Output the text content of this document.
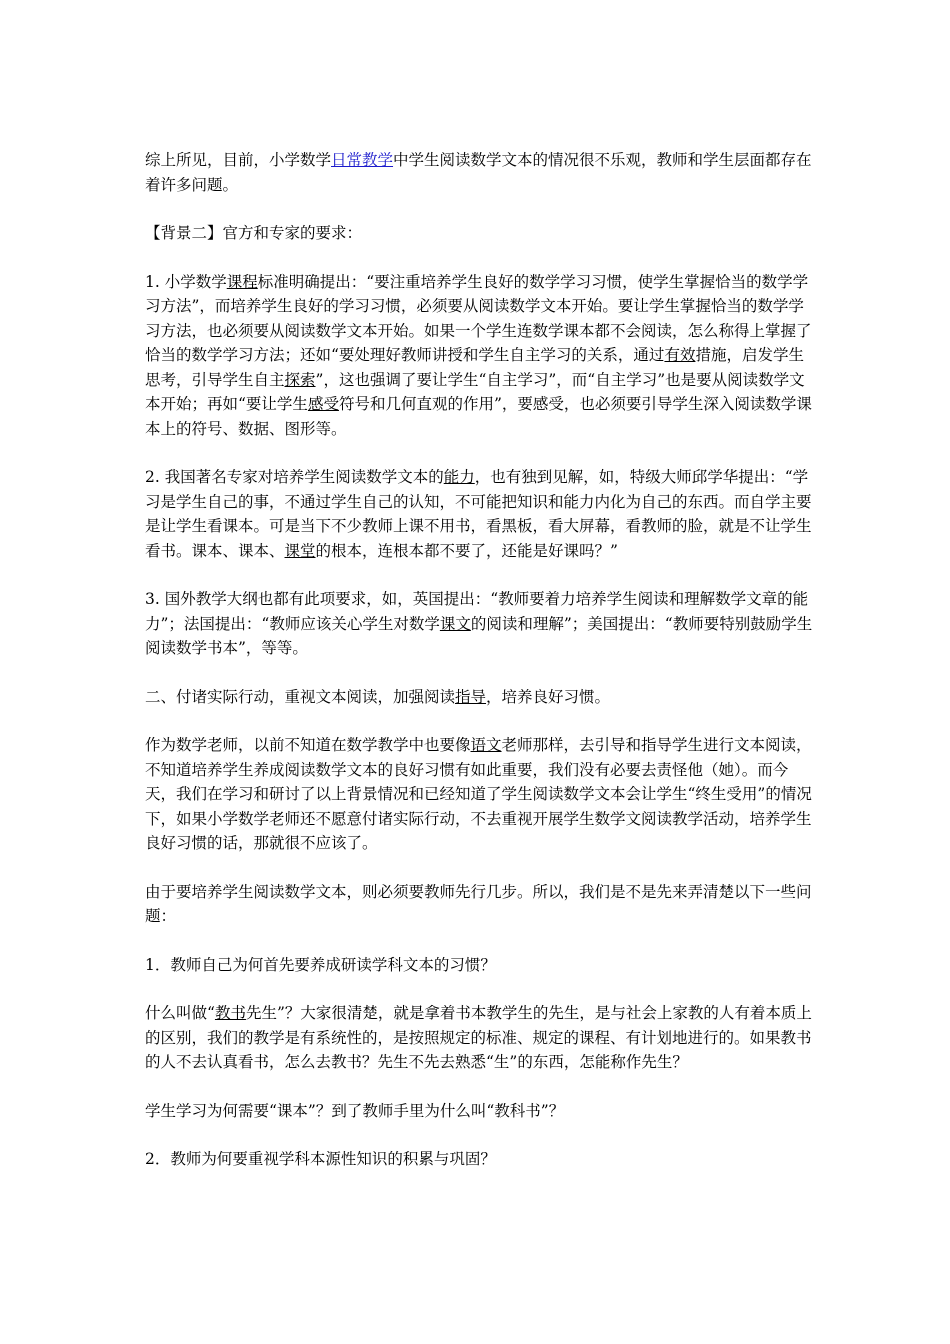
综上所见，目前，小学数学日常教学中学生阅读数学文本的情况很不乐观，教师和学生层面都存在着许多问题。

【背景二】官方和专家的要求：

1. 小学数学课程标准明确提出：“要注重培养学生良好的数学学习习惯，使学生掌握恰当的数学学习方法”，而培养学生良好的学习习惯，必须要从阅读数学文本开始。要让学生掌握恰当的数学学习方法，也必须要从阅读数学文本开始。如果一个学生连数学课本都不会阅读，怎么称得上掌握了恰当的数学学习方法；还如“要处理好教师讲授和学生自主学习的关系，通过有效措施，启发学生思考，引导学生自主探索”，这也强调了要让学生“自主学习”，而“自主学习”也是要从阅读数学文本开始；再如“要让学生感受符号和几何直观的作用”，要感受，也必须要引导学生深入阅读数学课本上的符号、数据、图形等。

2. 我国著名专家对培养学生阅读数学文本的能力，也有独到见解，如，特级大师邱学华提出：“学习是学生自己的事，不通过学生自己的认知，不可能把知识和能力内化为自己的东西。而自学主要是让学生看课本。可是当下不少教师上课不用书，看黑板，看大屏幕，看教师的脸，就是不让学生看书。课本、课本、课堂的根本，连根本都不要了，还能是好课吗？”

3. 国外教学大纲也都有此项要求，如，英国提出：“教师要着力培养学生阅读和理解数学文章的能力”；法国提出：“教师应该关心学生对数学课文的阅读和理解”；美国提出：“教师要特别鼓励学生阅读数学书本”，等等。

二、付诸实际行动，重视文本阅读，加强阅读指导，培养良好习惯。

作为数学老师，以前不知道在数学教学中也要像语文老师那样，去引导和指导学生进行文本阅读，不知道培养学生养成阅读数学文本的良好习惯有如此重要，我们没有必要去责怪他（她）。而今天，我们在学习和研讨了以上背景情况和已经知道了学生阅读数学文本会让学生“终生受用”的情况下，如果小学数学老师还不愿意付诸实际行动，不去重视开展学生数学文阅读教学活动，培养学生良好习惯的话，那就很不应该了。

由于要培养学生阅读数学文本，则必须要教师先行几步。所以，我们是不是先来弄清楚以下一些问题：

1．教师自己为何首先要养成研读学科文本的习惯？

什么叫做“教书先生”？大家很清楚，就是拿着书本教学生的先生，是与社会上家教的人有着本质上的区别，我们的教学是有系统性的，是按照规定的标准、规定的课程、有计划地进行的。如果教书的人不去认真看书，怎么去教书？先生不先去熟悉“生”的东西，怎能称作先生？

学生学习为何需要“课本”？到了教师手里为什么叫“教科书”？

2．教师为何要重视学科本源性知识的积累与巩固？
